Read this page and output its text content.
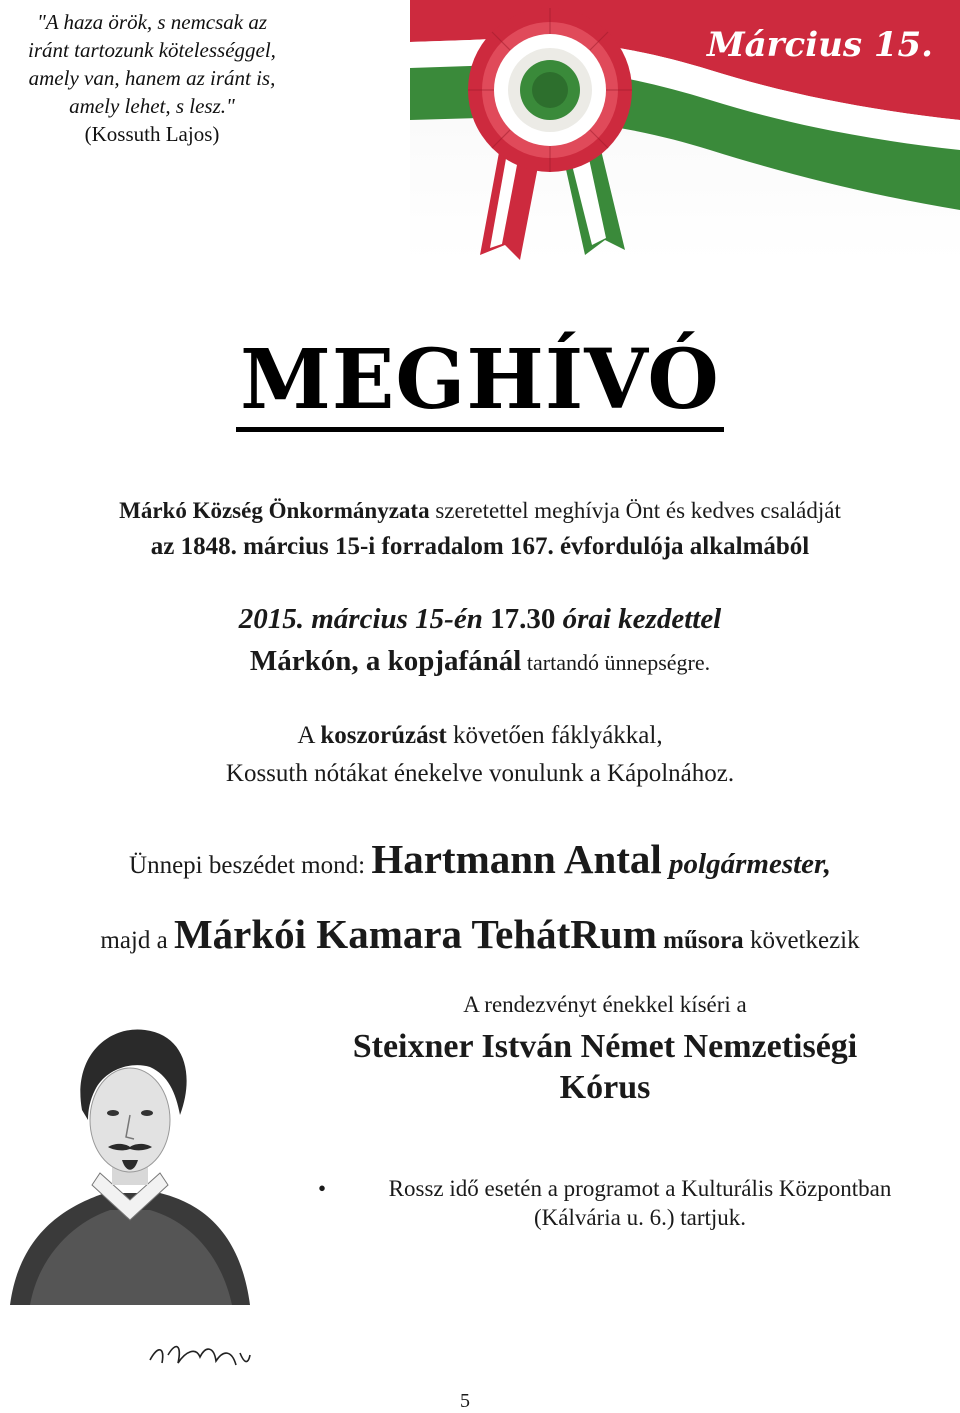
"A haza örök, s nemcsak az
iránt tartozunk kötelességgel,
amely van, hanem az iránt is,
amely lehet, s lesz."
(Kossuth Lajos)
Március 15.
MEGHÍVÓ
Márkó Község Önkormányzata szeretettel meghívja Önt és kedves családját
az 1848. március 15-i forradalom 167. évfordulója alkalmából
2015. március 15-én 17.30 órai kezdettel
Márkón, a kopjafánál tartandó ünnepségre.
A koszorúzást követően fáklyákkal,
Kossuth nótákat énekelve vonulunk a Kápolnához.
Ünnepi beszédet mond: Hartmann Antal polgármester,
majd a Márkói Kamara TehátRum műsora következik
A rendezvényt énekkel kíséri a
Steixner István Német Nemzetiségi
Kórus
•	Rossz idő esetén a programot a Kulturális Központban
(Kálvária u. 6.) tartjuk.
5
